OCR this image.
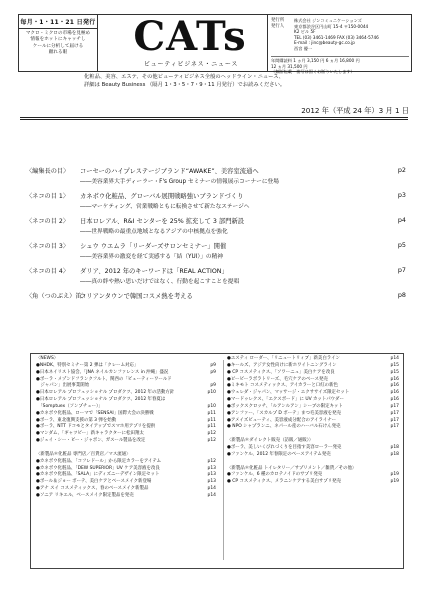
毎月・1・11・21 日発行
マクロ・ミクロの市場を見極め
情報をホットにキャッチし
ケールに分析して届ける
頼れる眼	CATs
ビューティビジネス・ニュース
発行所
発行人
株式会社 ジンコミュニケーションズ
東京都渋谷区円山町 15-4 〒150-0044
K2 ビル 5F
TEL (03) 3461-1469 FAX (03) 3464-5746
E-mail : jinc@beauty-gc.co.jp
西宮 優一
年間購読料 1 ヵ月 3,150 円 6 ヵ月 16,800 円
12 ヵ月 31,500 円
（無断転載・複写は固くお断りいたします）
化粧品、美容、エステ、その他ビューティビジネス全般のヘッドライン・ニュース、
詳細は Beauty Business （隔月 1・3・5・7・9・11 月発行）でお読みください。
2012 年（平成 24 年）3 月 1 日
〈編集長の目〉 コーセーのハイプレステージブランド“AWAKE”、美容室流通へ
――美容業界大手ディーラー・F's Group セミナーの情報展示コーナーに登場
p2
〈ネコの目 1〉 カネボウ化粧品、グローバル展開戦略強いブランドづくり
――マーケティング、営業戦略ともに転換させて新たなステージへ
p3
〈ネコの目 2〉 日本ロレアル、R&I センターを 25% 拡充して 3 部門新設
――世界戦略の最重点地域となるアジアの中核拠点を強化
p4
〈ネコの目 3〉 シュウ ウエムラ「リーダーズサロンセミナー」開催
――美容業界の激変を経て実感する「結（YUI）」の精神
p5
〈ネコの目 4〉 ダリア、2012 年のキーワードは「REAL ACTION」
――真の絆や熱い思いだけではなく、行動を起こすことを提唱
p7
〈角（つのぶえ）笛〉
コリアンタウンで韓国コスメ熱を考える	p8
〈NEWS〉
●NHDK、特別セミナー第 2 弾は「クレーム対応」	p9
●日本ネイリスト協会、「JNA ネイルカンファレンス in 沖縄」盛況	p9
●ポーラ・メゾンドフランクフルト、関西の「ビューティーワールド
　ジャパン」出展事業開始	p9
●日本ロレアル プロフェッショナル プロダクツ、2012 年の活動方針	p10
●日本ロレアル プロフェッショナル プロダクツ、2012 年春夏は
　「Somptuex（ソンプチュー）」	p10
●カネボウ化粧品、ローマで「SENSAI」国際大会の決勝戦	p11
●ポーラ、東北復興支援の第 3 弾を始動	p11
●ポーラ、NTT ドコモとタイアップでスマホ用アプリを提供	p11
●マンダム、「ギャツビー」新キャラクターに松田翔太	p12
●ジェイ・シー・ビー・ジャポン、ガスール製品を改定	p12
〈新製品＊化粧品 専門店／百貨店／マス流通〉
●カネボウ化粧品、「コフレドール」から限定カラーをアイテム	p12
●カネボウ化粧品、「DEW SUPERIOR」UV ケア美容液を改良	p13
●カネボウ化粧品、「SALA」にディズニーデザイン限定セット	p13
●ポール＆ジョー ボーテ、美白ケアとベースメイク新登場	p13
●アナ スイ コスメティックス、春のベースメイク新製品	p14
●ソニア リキエル、ベースメイク限定製品を発売	p14
●エスティ ローダー、「リニュートリィブ」新美白ライン	p14
●キールズ、アジア女性向けに新ホワイトニングライン	p15
● CP コスメティクス、「ソワーニュ」美白ケアを改良	p15
●ピービーラボラトリーズ、毛穴ケアのベース発売	p16
●ミキモト コスメティックス、アイカラーと口紅の新色	p16
●ウェレダ・ジャパン、マッサージ・エクササイズ限定セット	p16
●マードゥレクス、「エクスポード」に UV カットパウダー	p16
●ボックスクロッチ、「ルアンルアン」シーブの限定キット	p17
●アンファー、「スカルプ D ボーテ」まつ毛美容液を発売	p17
●アメイズビューティ、美容液成分配合のアイライナー	p17
● NPO シャプランニ、ネパール産のハーバル石けん発売	p17
〈新製品＊ダイレクト販売（訪販／通販）〉
●ポーラ、美しいくびれづくりを目指す美容ローラー発売	p18
●ファンケル、2012 年春限定のベースアイテム発売	p18
〈新製品＊化粧品 トイレタリー／サプリメント／雑貨／その他〉
●ファンケル、6 種のカロテノイドのサプリ発売	p19
● CP コスメティクス、メラニンケアする美白サプリ発売	p19
